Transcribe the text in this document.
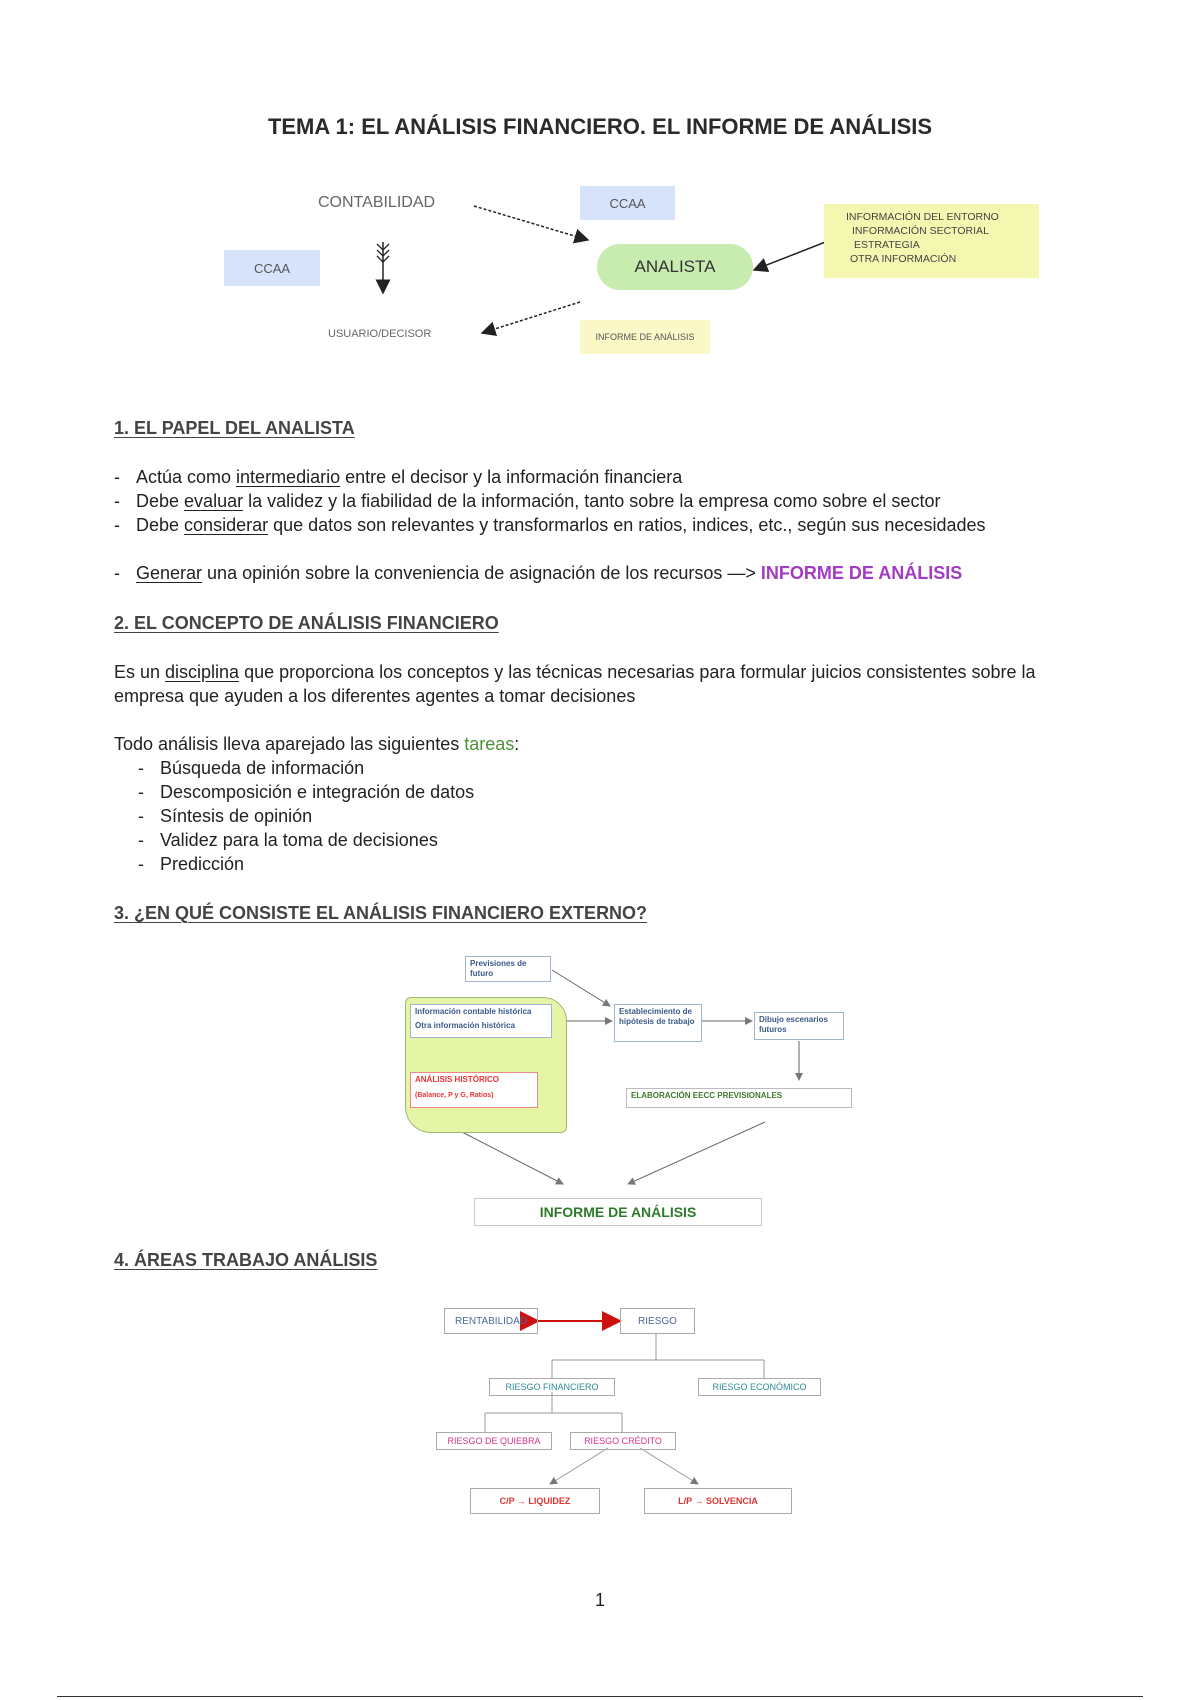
TEMA 1: EL ANÁLISIS FINANCIERO. EL INFORME DE ANÁLISIS
CONTABILIDAD	CCAA
CCAA	ANALISTA
USUARIO/DECISOR	INFORME DE ANÁLISIS
INFORMACIÓN DEL ENTORNO
INFORMACIÓN SECTORIAL
ESTRATEGIA
OTRA INFORMACIÓN
1. EL PAPEL DEL ANALISTA
- Actúa como intermediario entre el decisor y la información financiera
- Debe evaluar la validez y la fiabilidad de la información, tanto sobre la empresa como sobre el sector
- Debe considerar que datos son relevantes y transformarlos en ratios, indices, etc., según sus necesidades
- Generar una opinión sobre la conveniencia de asignación de los recursos —> INFORME DE ANÁLISIS
2. EL CONCEPTO DE ANÁLISIS FINANCIERO
Es un disciplina que proporciona los conceptos y las técnicas necesarias para formular juicios consistentes sobre la empresa que ayuden a los diferentes agentes a tomar decisiones
Todo análisis lleva aparejado las siguientes tareas:
- Búsqueda de información
- Descomposición e integración de datos
- Síntesis de opinión
- Validez para la toma de decisiones
- Predicción
3. ¿EN QUÉ CONSISTE EL ANÁLISIS FINANCIERO EXTERNO?
Previsiones de futuro
Información contable histórica
Otra información histórica
ANÁLISIS HISTÓRICO
(Balance, P y G, Ratios)
Establecimiento de hipótesis de trabajo	Dibujo escenarios futuros
ELABORACIÓN EECC PREVISIONALES
INFORME DE ANÁLISIS
4. ÁREAS TRABAJO ANÁLISIS
RENTABILIDAD	RIESGO
RIESGO FINANCIERO	RIESGO ECONÓMICO
RIESGO DE QUIEBRA	RIESGO CRÉDITO
C/P → LIQUIDEZ	L/P → SOLVENCIA
1
